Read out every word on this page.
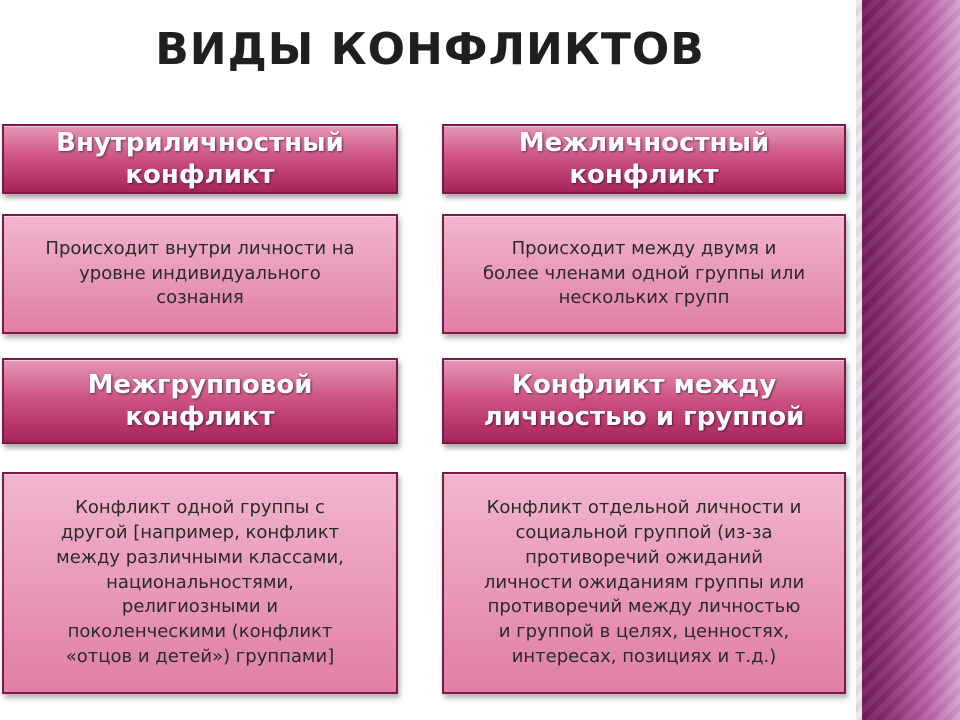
ВИДЫ КОНФЛИКТОВ
Внутриличностный
конфликт
Межличностный
конфликт
Происходит внутри личности на
уровне индивидуального
сознания
Происходит между двумя и
более членами одной группы или
нескольких групп
Межгрупповой
конфликт
Конфликт между
личностью и группой
Конфликт одной группы с
другой [например, конфликт
между различными классами,
национальностями,
религиозными и
поколенческими (конфликт
«отцов и детей») группами]
Конфликт отдельной личности и
социальной группой (из-за
противоречий ожиданий
личности ожиданиям группы или
противоречий между личностью
и группой в целях, ценностях,
интересах, позициях и т.д.)
